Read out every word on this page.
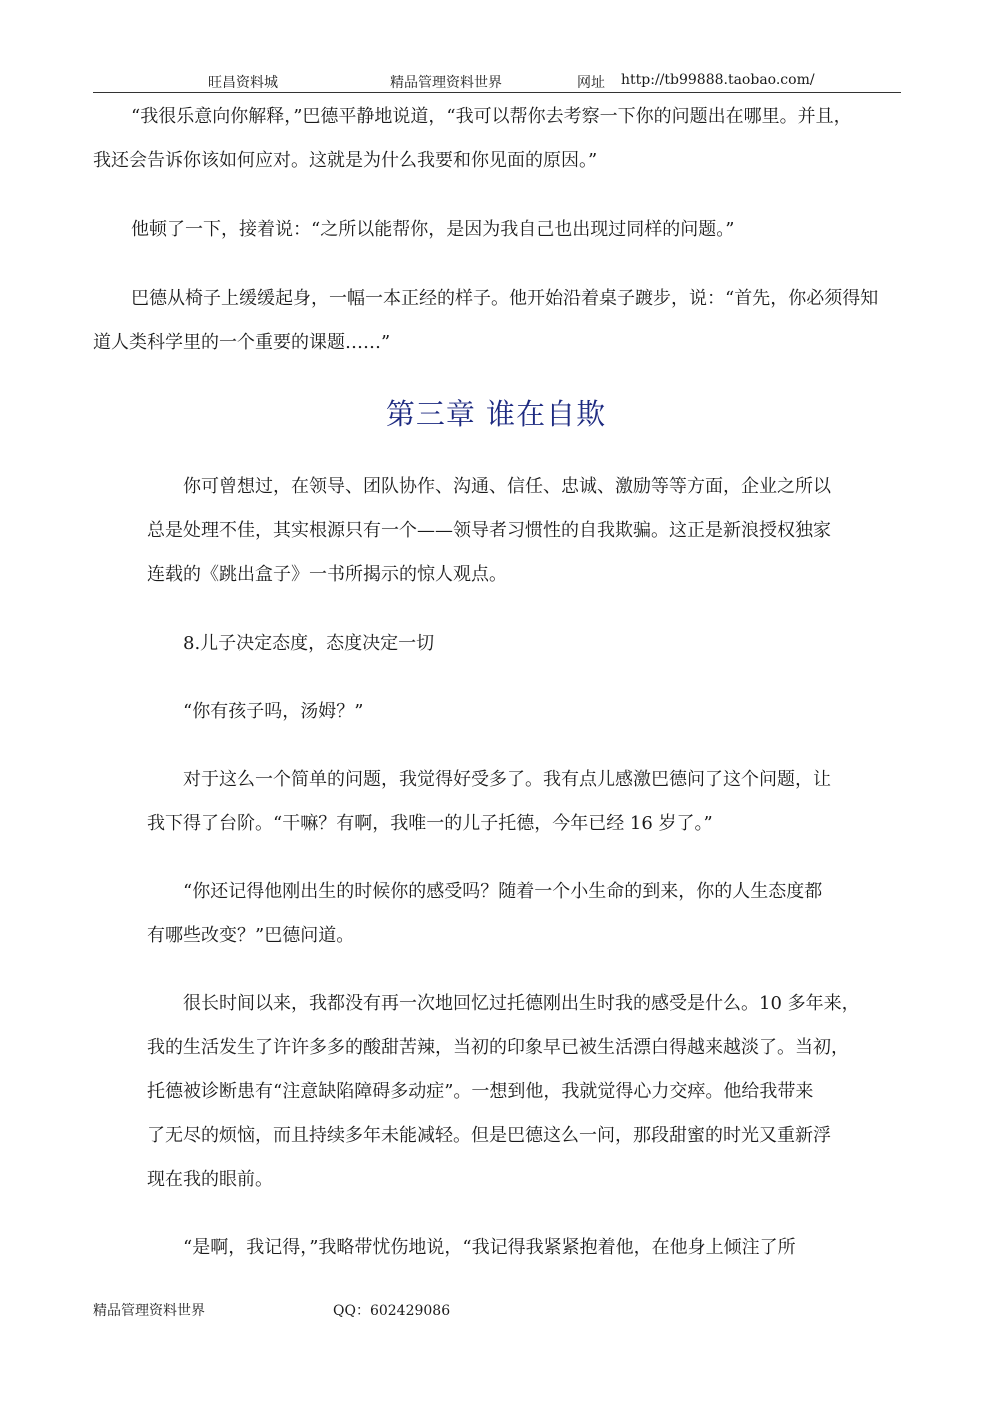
旺昌资料城	精品管理资料世界	网址 http://tb99888.taobao.com/
“我很乐意向你解释，”巴德平静地说道，“我可以帮你去考察一下你的问题出在哪里。并且，
我还会告诉你该如何应对。这就是为什么我要和你见面的原因。”
他顿了一下，接着说：“之所以能帮你，是因为我自己也出现过同样的问题。”
巴德从椅子上缓缓起身，一幅一本正经的样子。他开始沿着桌子踱步，说：“首先，你必须得知
道人类科学里的一个重要的课题……”
第三章 谁在自欺
你可曾想过，在领导、团队协作、沟通、信任、忠诚、激励等等方面，企业之所以
总是处理不佳，其实根源只有一个——领导者习惯性的自我欺骗。这正是新浪授权独家
连载的《跳出盒子》一书所揭示的惊人观点。
8.儿子决定态度，态度决定一切
“你有孩子吗，汤姆？”
对于这么一个简单的问题，我觉得好受多了。我有点儿感激巴德问了这个问题，让
我下得了台阶。“干嘛？有啊，我唯一的儿子托德，今年已经 16 岁了。”
“你还记得他刚出生的时候你的感受吗？随着一个小生命的到来，你的人生态度都
有哪些改变？”巴德问道。
很长时间以来，我都没有再一次地回忆过托德刚出生时我的感受是什么。10 多年来，
我的生活发生了许许多多的酸甜苦辣，当初的印象早已被生活漂白得越来越淡了。当初，
托德被诊断患有“注意缺陷障碍多动症”。一想到他，我就觉得心力交瘁。他给我带来
了无尽的烦恼，而且持续多年未能减轻。但是巴德这么一问，那段甜蜜的时光又重新浮
现在我的眼前。
“是啊，我记得，”我略带忧伤地说，“我记得我紧紧抱着他，在他身上倾注了所
精品管理资料世界	QQ：602429086
